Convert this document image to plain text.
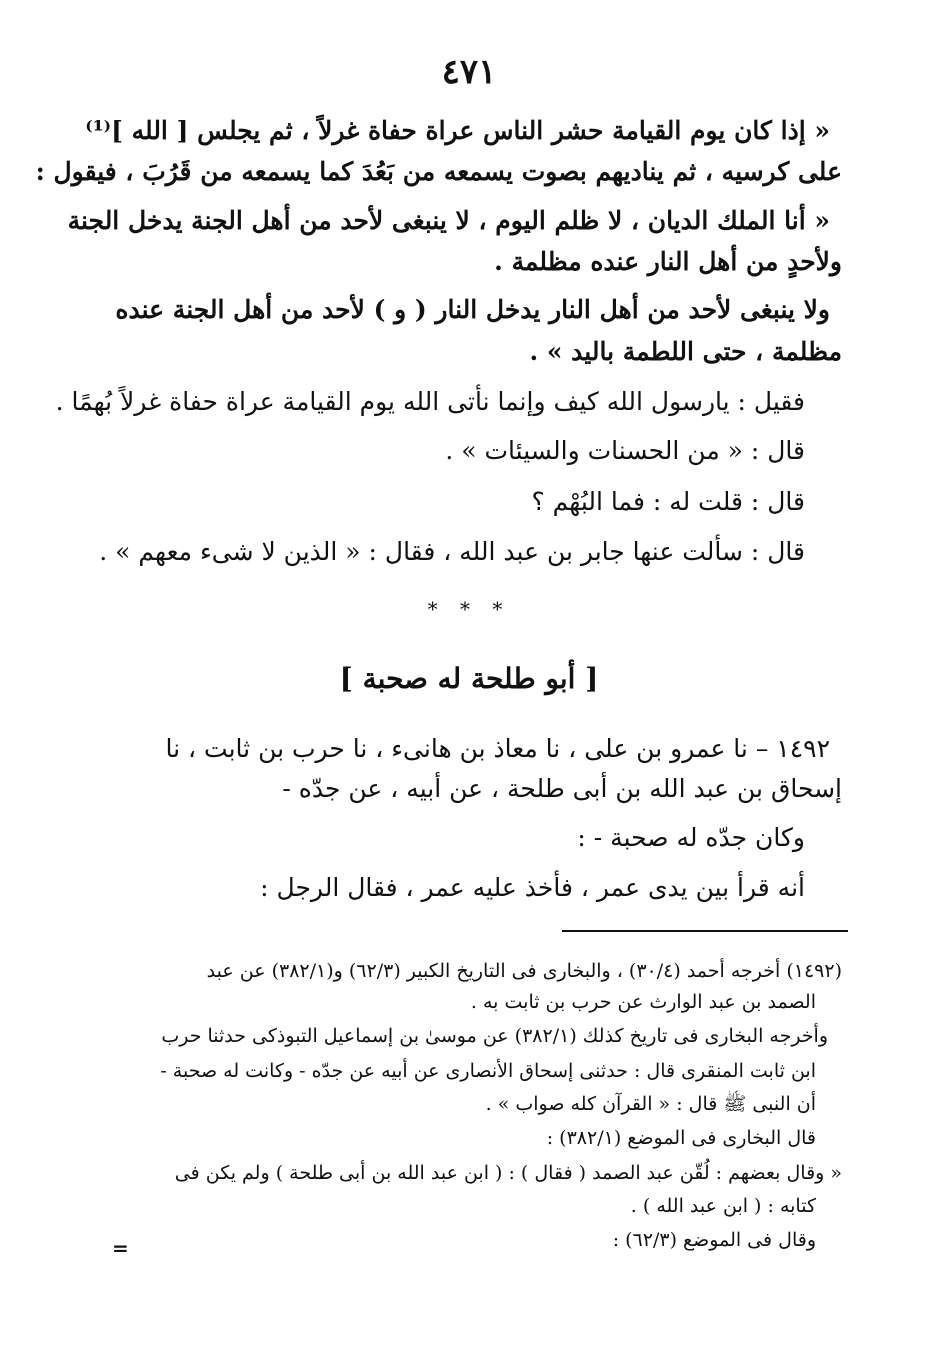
٤٧١
« إذا كان يوم القيامة حشر الناس عراة حفاة غرلاً ، ثم يجلس [ الله ]⁽¹⁾
على كرسيه ، ثم يناديهم بصوت يسمعه من بَعُدَ كما يسمعه من قَرُبَ ، فيقول :
« أنا الملك الديان ، لا ظلم اليوم ، لا ينبغى لأحد من أهل الجنة يدخل الجنة
ولأحدٍ من أهل النار عنده مظلمة .
ولا ينبغى لأحد من أهل النار يدخل النار ( و ) لأحد من أهل الجنة عنده
مظلمة ، حتى اللطمة باليد » .
فقيل : يارسول الله كيف وإنما نأتى الله يوم القيامة عراة حفاة غرلاً بُهمًا .
قال : « من الحسنات والسيئات » .
قال : قلت له : فما البُهْم ؟
قال : سألت عنها جابر بن عبد الله ، فقال : « الذين لا شىء معهم » .
* * *
[ أبو طلحة له صحبة ]
١٤٩٢ – نا عمرو بن على ، نا معاذ بن هانىء ، نا حرب بن ثابت ، نا
إسحاق بن عبد الله بن أبى طلحة ، عن أبيه ، عن جدّه -
وكان جدّه له صحبة - :
أنه قرأ بين يدى عمر ، فأخذ عليه عمر ، فقال الرجل :
(١٤٩٢) أخرجه أحمد (٣٠/٤) ، والبخارى فى التاريخ الكبير (٦٢/٣) و(٣٨٢/١) عن عبد
الصمد بن عبد الوارث عن حرب بن ثابت به .
وأخرجه البخارى فى تاريخ كذلك (٣٨٢/١) عن موسىٰ بن إسماعيل التبوذكى حدثنا حرب
ابن ثابت المنقرى قال : حدثنى إسحاق الأنصارى عن أبيه عن جدّه - وكانت له صحبة -
أن النبى ﷺ قال : « القرآن كله صواب » .
قال البخارى فى الموضع (٣٨٢/١) :
« وقال بعضهم : لُقّن عبد الصمد ( فقال ) : ( ابن عبد الله بن أبى طلحة ) ولم يكن فى
كتابه : ( ابن عبد الله ) .
وقال فى الموضع (٦٢/٣) :
=
